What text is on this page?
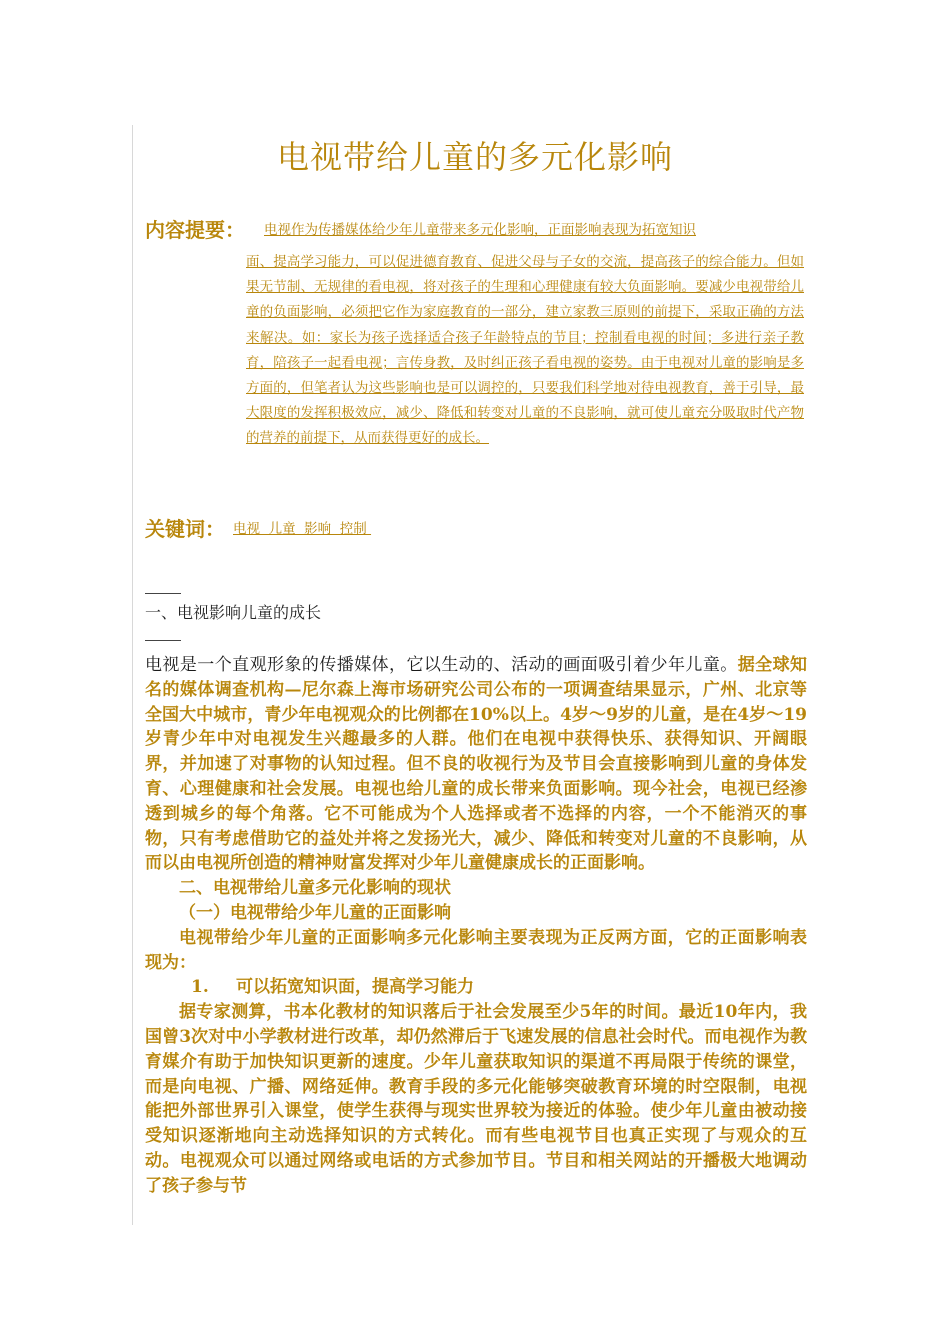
电视带给儿童的多元化影响
内容提要： 电视作为传播媒体给少年儿童带来多元化影响，正面影响表现为拓宽知识
面、提高学习能力，可以促进德育教育、促进父母与子女的交流，提高孩子的综合能力。但如果无节制、无规律的看电视，将对孩子的生理和心理健康有较大负面影响。要减少电视带给儿童的负面影响，必须把它作为家庭教育的一部分，建立家教三原则的前提下，采取正确的方法来解决。如：家长为孩子选择适合孩子年龄特点的节目；控制看电视的时间；多进行亲子教育，陪孩子一起看电视；言传身教，及时纠正孩子看电视的姿势。由于电视对儿童的影响是多方面的，但笔者认为这些影响也是可以调控的，只要我们科学地对待电视教育，善于引导，最大限度的发挥积极效应，减少、降低和转变对儿童的不良影响，就可使儿童充分吸取时代产物的营养的前提下，从而获得更好的成长。
关键词： 电视  儿童  影响  控制
一、电视影响儿童的成长

电视是一个直观形象的传播媒体，它以生动的、活动的画面吸引着少年儿童。据全球知名的媒体调查机构—尼尔森上海市场研究公司公布的一项调查结果显示，广州、北京等全国大中城市，青少年电视观众的比例都在10%以上。4岁～9岁的儿童，是在4岁～19岁青少年中对电视发生兴趣最多的人群。他们在电视中获得快乐、获得知识、开阔眼界，并加速了对事物的认知过程。但不良的收视行为及节目会直接影响到儿童的身体发育、心理健康和社会发展。电视也给儿童的成长带来负面影响。现今社会，电视已经渗透到城乡的每个角落。它不可能成为个人选择或者不选择的内容，一个不能消灭的事物，只有考虑借助它的益处并将之发扬光大，减少、降低和转变对儿童的不良影响，从而以由电视所创造的精神财富发挥对少年儿童健康成长的正面影响。

二、电视带给儿童多元化影响的现状

（一）电视带给少年儿童的正面影响

电视带给少年儿童的正面影响多元化影响主要表现为正反两方面，它的正面影响表现为：

1. 可以拓宽知识面，提高学习能力

据专家测算，书本化教材的知识落后于社会发展至少5年的时间。最近10年内，我国曾3次对中小学教材进行改革，却仍然滞后于飞速发展的信息社会时代。而电视作为教育媒介有助于加快知识更新的速度。少年儿童获取知识的渠道不再局限于传统的课堂，而是向电视、广播、网络延伸。教育手段的多元化能够突破教育环境的时空限制，电视能把外部世界引入课堂，使学生获得与现实世界较为接近的体验。使少年儿童由被动接受知识逐渐地向主动选择知识的方式转化。而有些电视节目也真正实现了与观众的互动。电视观众可以通过网络或电话的方式参加节目。节目和相关网站的开播极大地调动了孩子参与节
